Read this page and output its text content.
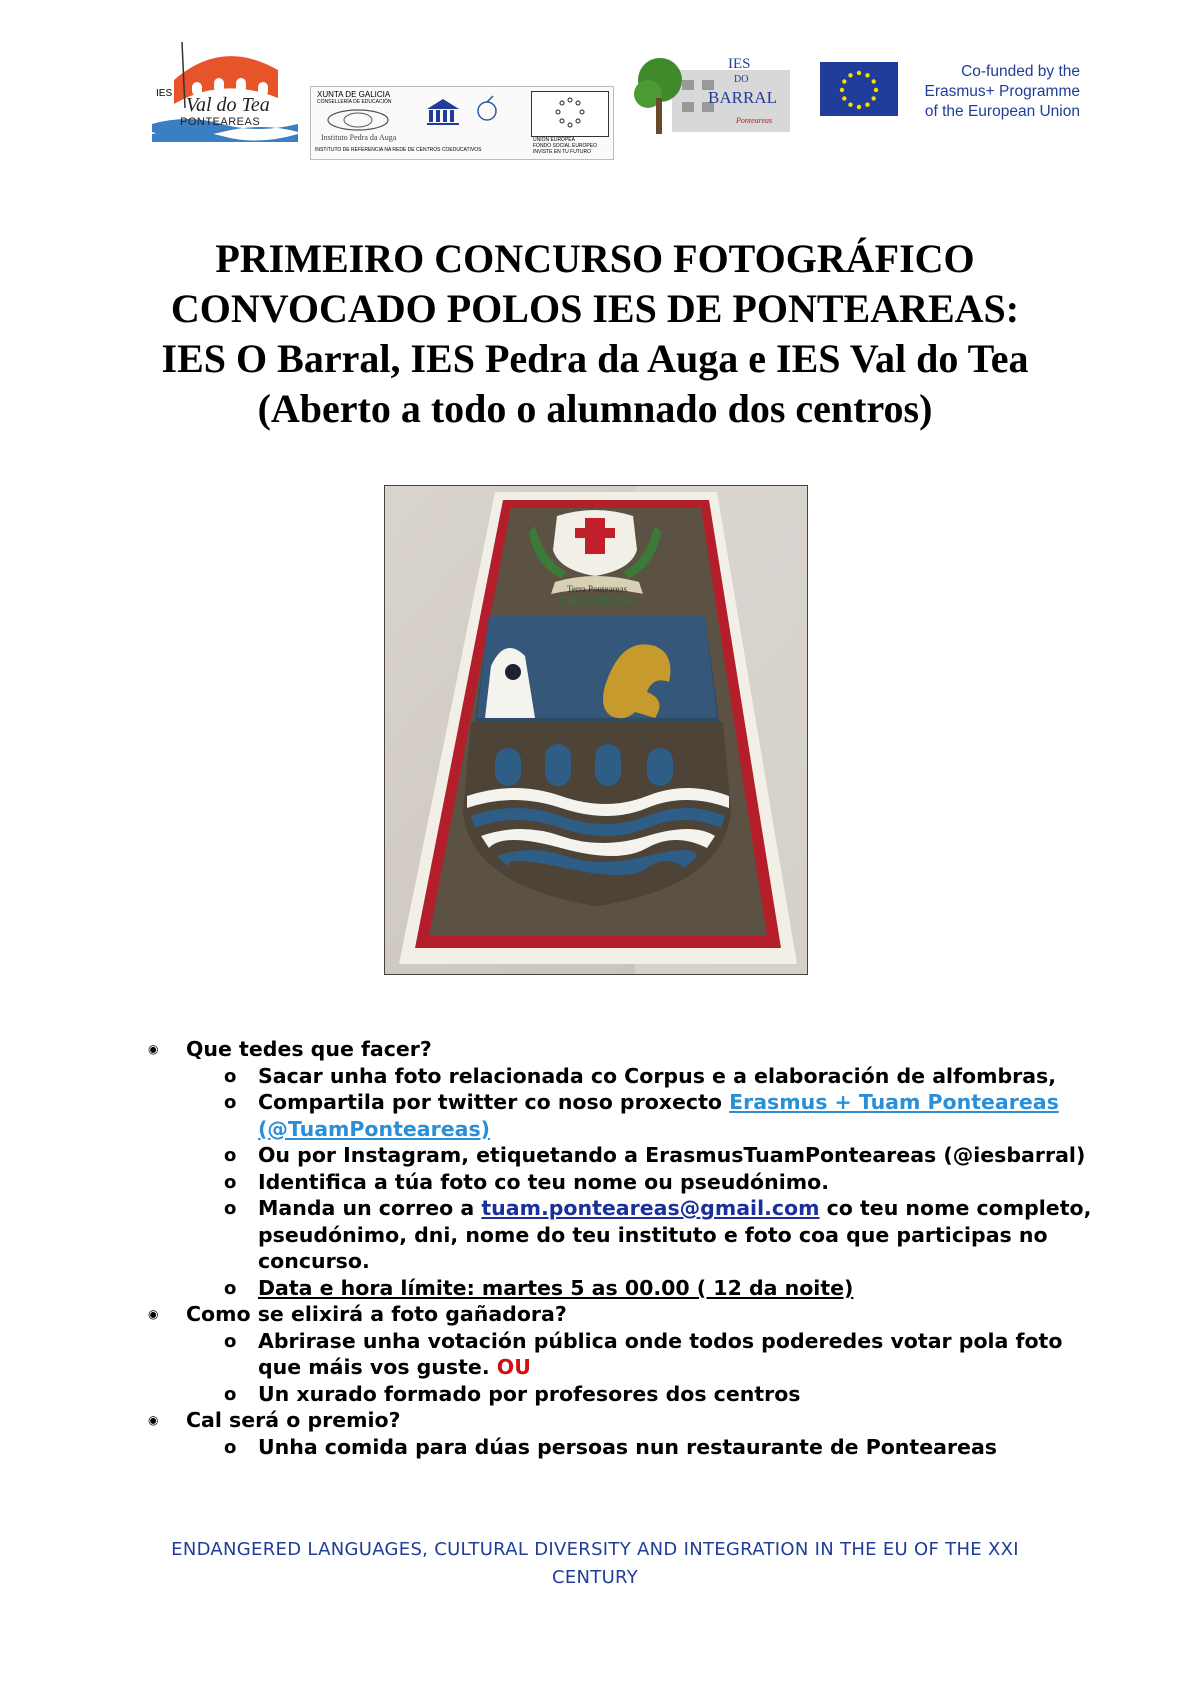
IES
Val do Tea
PONTEAREAS
XUNTA DE GALICIA
CONSELLERÍA DE EDUCACIÓN
Instituto Pedra da Auga
INSTITUTO DE REFERENCIA NA REDE DE CENTROS COEDUCATIVOS
UNIÓN EUROPEA
FONDO SOCIAL EUROPEO
INVISTE EN TU FUTURO
IES
DO
BARRAL
Ponteareas
Co-funded by the
Erasmus+ Programme
of the European Union
PRIMEIRO CONCURSO FOTOGRÁFICO
CONVOCADO POLOS IES DE PONTEAREAS:
IES O Barral, IES Pedra da Auga e IES Val do Tea
(Aberto a todo o alumnado dos centros)
Terra Ponteareas
ERASMUS+
◉ Que tedes que facer?
o Sacar unha foto relacionada co Corpus e a elaboración de alfombras,
o Compartila por twitter co noso proxecto Erasmus + Tuam Ponteareas (@TuamPonteareas)
o Ou por Instagram, etiquetando a ErasmusTuamPonteareas (@iesbarral)
o Identifica a túa foto co teu nome ou pseudónimo.
o Manda un correo a tuam.ponteareas@gmail.com co teu nome completo, pseudónimo, dni, nome do teu instituto e foto coa que participas no concurso.
o Data e hora límite: martes 5 as 00.00 ( 12 da noite)
◉ Como se elixirá a foto gañadora?
o Abrirase unha votación pública onde todos poderedes votar pola foto que máis vos guste. OU
o Un xurado formado por profesores dos centros
◉ Cal será o premio?
o Unha comida para dúas persoas nun restaurante de Ponteareas
ENDANGERED LANGUAGES, CULTURAL DIVERSITY AND INTEGRATION IN THE EU OF THE XXI
CENTURY
